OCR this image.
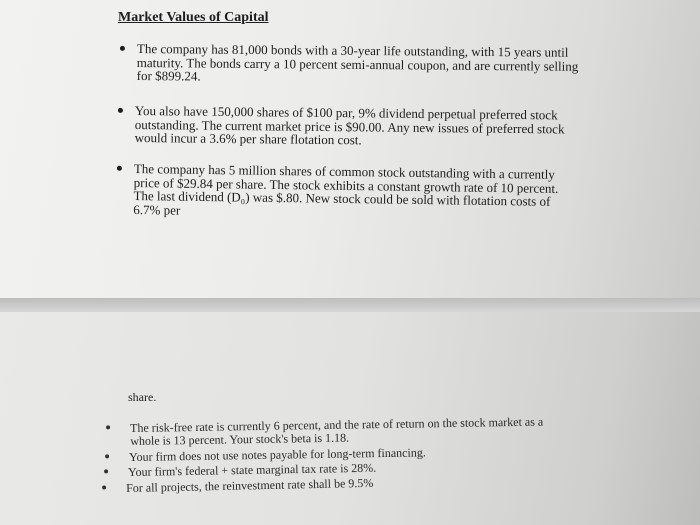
Market Values of Capital
The company has 81,000 bonds with a 30-year life outstanding, with 15 years until maturity. The bonds carry a 10 percent semi-annual coupon, and are currently selling for $899.24.
You also have 150,000 shares of $100 par, 9% dividend perpetual preferred stock outstanding. The current market price is $90.00. Any new issues of preferred stock would incur a 3.6% per share flotation cost.
The company has 5 million shares of common stock outstanding with a currently price of $29.84 per share. The stock exhibits a constant growth rate of 10 percent. The last dividend (D₀) was $.80. New stock could be sold with flotation costs of 6.7% per

share.

The risk-free rate is currently 6 percent, and the rate of return on the stock market as a whole is 13 percent. Your stock's beta is 1.18.
Your firm does not use notes payable for long-term financing.
Your firm's federal + state marginal tax rate is 28%.
For all projects, the reinvestment rate shall be 9.5%
